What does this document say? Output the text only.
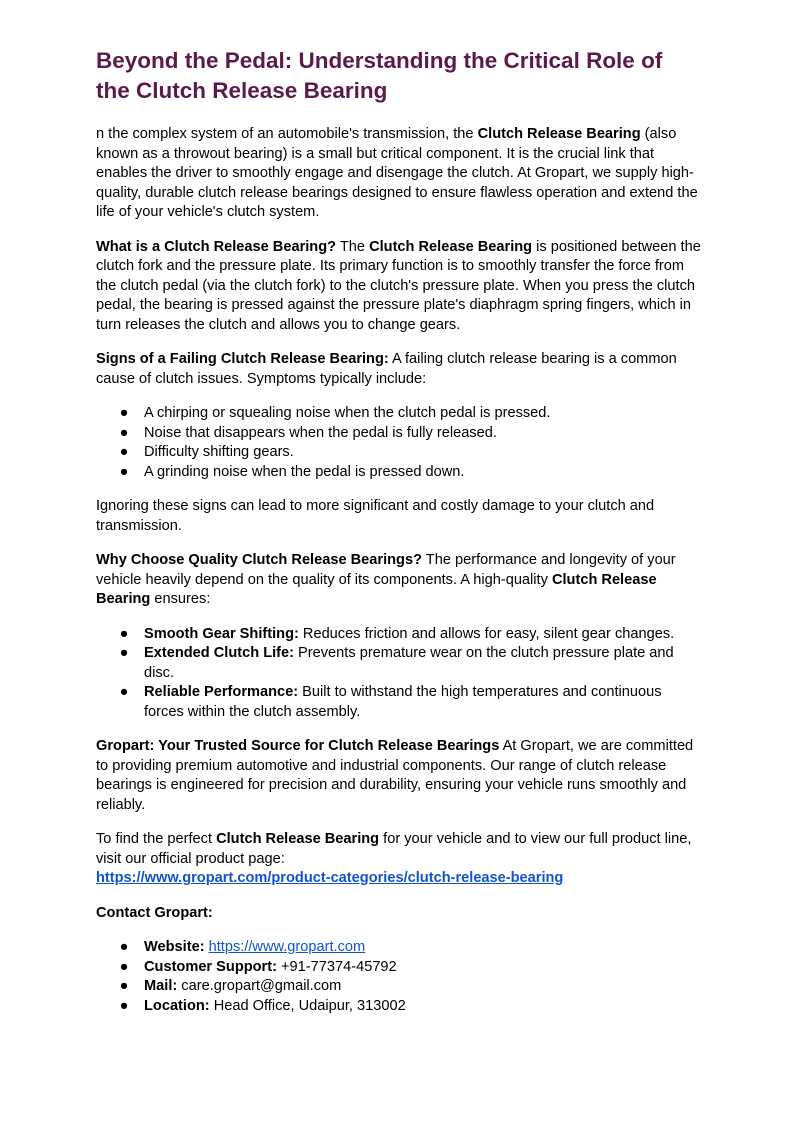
Beyond the Pedal: Understanding the Critical Role of the Clutch Release Bearing

n the complex system of an automobile's transmission, the Clutch Release Bearing (also known as a throwout bearing) is a small but critical component. It is the crucial link that enables the driver to smoothly engage and disengage the clutch. At Gropart, we supply high-quality, durable clutch release bearings designed to ensure flawless operation and extend the life of your vehicle's clutch system.

What is a Clutch Release Bearing? The Clutch Release Bearing is positioned between the clutch fork and the pressure plate. Its primary function is to smoothly transfer the force from the clutch pedal (via the clutch fork) to the clutch's pressure plate. When you press the clutch pedal, the bearing is pressed against the pressure plate's diaphragm spring fingers, which in turn releases the clutch and allows you to change gears.

Signs of a Failing Clutch Release Bearing: A failing clutch release bearing is a common cause of clutch issues. Symptoms typically include:

● A chirping or squealing noise when the clutch pedal is pressed.
● Noise that disappears when the pedal is fully released.
● Difficulty shifting gears.
● A grinding noise when the pedal is pressed down.

Ignoring these signs can lead to more significant and costly damage to your clutch and transmission.

Why Choose Quality Clutch Release Bearings? The performance and longevity of your vehicle heavily depend on the quality of its components. A high-quality Clutch Release Bearing ensures:

● Smooth Gear Shifting: Reduces friction and allows for easy, silent gear changes.
● Extended Clutch Life: Prevents premature wear on the clutch pressure plate and disc.
● Reliable Performance: Built to withstand the high temperatures and continuous forces within the clutch assembly.

Gropart: Your Trusted Source for Clutch Release Bearings At Gropart, we are committed to providing premium automotive and industrial components. Our range of clutch release bearings is engineered for precision and durability, ensuring your vehicle runs smoothly and reliably.

To find the perfect Clutch Release Bearing for your vehicle and to view our full product line, visit our official product page:
https://www.gropart.com/product-categories/clutch-release-bearing

Contact Gropart:

● Website: https://www.gropart.com
● Customer Support: +91-77374-45792
● Mail: care.gropart@gmail.com
● Location: Head Office, Udaipur, 313002
